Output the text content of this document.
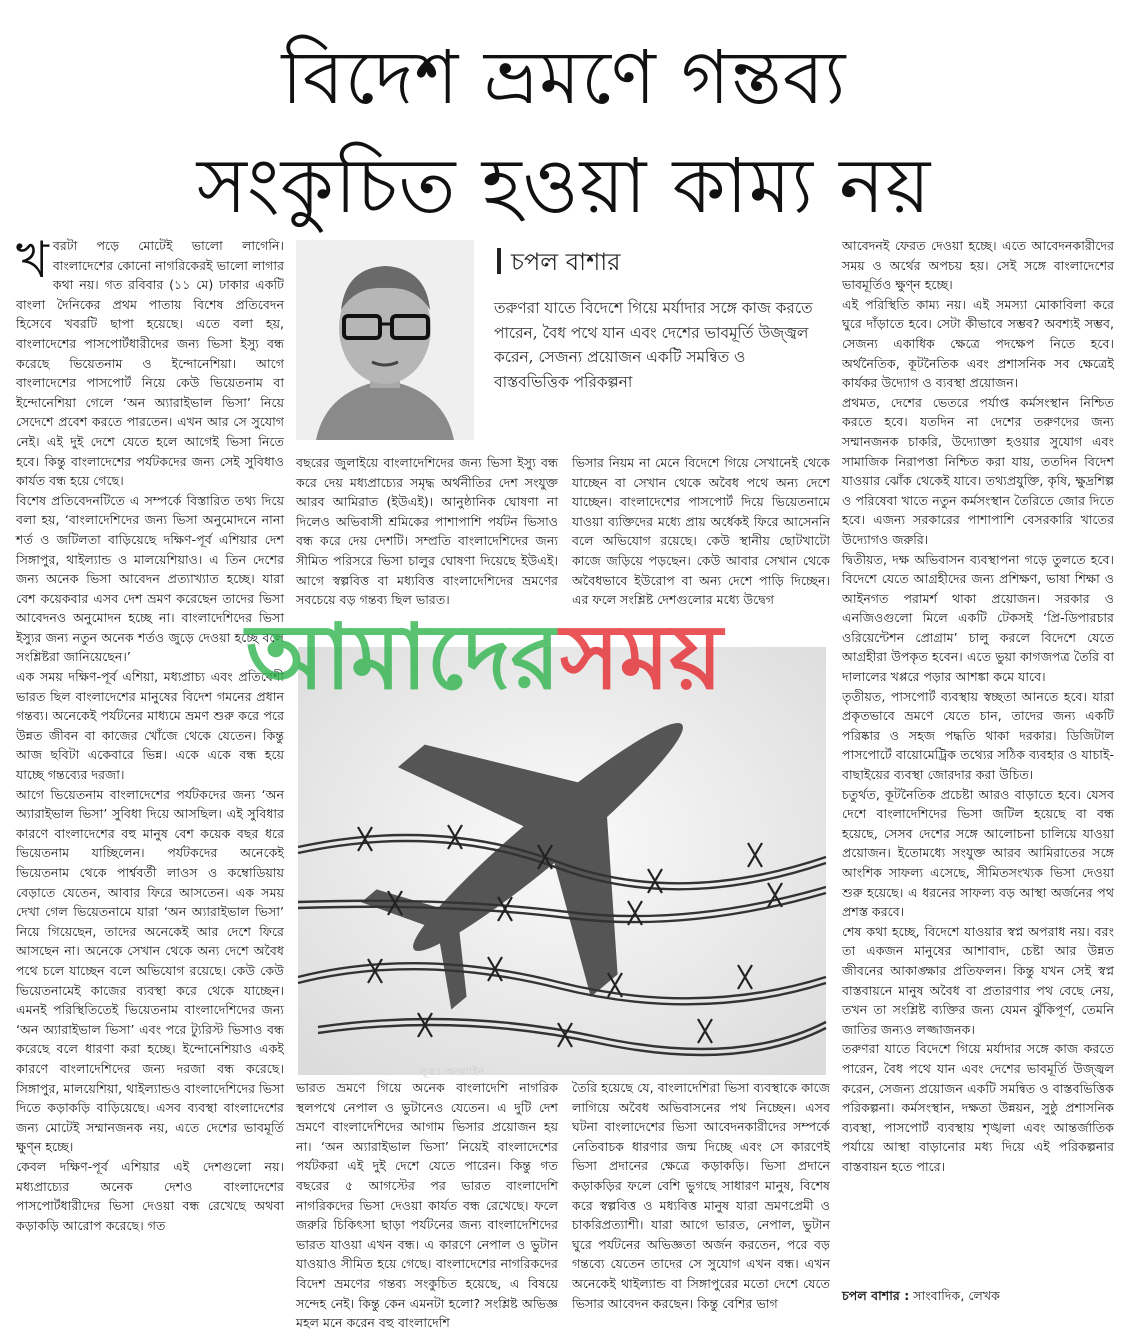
বিদেশ ভ্রমণে গন্তব্য
সংকুচিত হওয়া কাম্য নয়

খবরটা পড়ে মোটেই ভালো লাগেনি। বাংলাদেশের কোনো নাগরিকেরই ভালো লাগার কথা নয়। গত রবিবার (১১ মে) ঢাকার একটি বাংলা দৈনিকের প্রথম পাতায় বিশেষ প্রতিবেদন হিসেবে খবরটি ছাপা হয়েছে। এতে বলা হয়, বাংলাদেশের পাসপোর্টধারীদের জন্য ভিসা ইস্যু বন্ধ করেছে ভিয়েতনাম ও ইন্দোনেশিয়া। আগে বাংলাদেশের পাসপোর্ট নিয়ে কেউ ভিয়েতনাম বা ইন্দোনেশিয়া গেলে ‘অন অ্যারাইভাল ভিসা’ নিয়ে সেদেশে প্রবেশ করতে পারতেন। এখন আর সে সুযোগ নেই। এই দুই দেশে যেতে হলে আগেই ভিসা নিতে হবে। কিন্তু বাংলাদেশের পর্যটকদের জন্য সেই সুবিধাও কার্যত বন্ধ হয়ে গেছে।

বিশেষ প্রতিবেদনটিতে এ সম্পর্কে বিস্তারিত তথ্য দিয়ে বলা হয়, ‘বাংলাদেশিদের জন্য ভিসা অনুমোদনে নানা শর্ত ও জটিলতা বাড়িয়েছে দক্ষিণ-পূর্ব এশিয়ার দেশ সিঙ্গাপুর, থাইল্যান্ড ও মালয়েশিয়াও। এ তিন দেশের জন্য অনেক ভিসা আবেদন প্রত্যাখ্যাত হচ্ছে। যারা বেশ কয়েকবার এসব দেশ ভ্রমণ করেছেন তাদের ভিসা আবেদনও অনুমোদন হচ্ছে না। বাংলাদেশিদের ভিসা ইস্যুর জন্য নতুন অনেক শর্তও জুড়ে দেওয়া হচ্ছে বলে সংশ্লিষ্টরা জানিয়েছেন।’

এক সময় দক্ষিণ-পূর্ব এশিয়া, মধ্যপ্রাচ্য এবং প্রতিবেশী ভারত ছিল বাংলাদেশের মানুষের বিদেশ গমনের প্রধান গন্তব্য। অনেকেই পর্যটনের মাধ্যমে ভ্রমণ শুরু করে পরে উন্নত জীবন বা কাজের খোঁজে থেকে যেতেন। কিন্তু আজ ছবিটা একেবারে ভিন্ন। একে একে বন্ধ হয়ে যাচ্ছে গন্তব্যের দরজা।

আগে ভিয়েতনাম বাংলাদেশের পর্যটকদের জন্য ‘অন অ্যারাইভাল ভিসা’ সুবিধা দিয়ে আসছিল। এই সুবিধার কারণে বাংলাদেশের বহু মানুষ বেশ কয়েক বছর ধরে ভিয়েতনাম যাচ্ছিলেন। পর্যটকদের অনেকেই ভিয়েতনাম থেকে পার্শ্ববর্তী লাওস ও কম্বোডিয়ায় বেড়াতে যেতেন, আবার ফিরে আসতেন। এক সময় দেখা গেল ভিয়েতনামে যারা ‘অন অ্যারাইভাল ভিসা’ নিয়ে গিয়েছেন, তাদের অনেকেই আর দেশে ফিরে আসছেন না। অনেকে সেখান থেকে অন্য দেশে অবৈধ পথে চলে যাচ্ছেন বলে অভিযোগ রয়েছে। কেউ কেউ ভিয়েতনামেই কাজের ব্যবস্থা করে থেকে যাচ্ছেন। এমনই পরিস্থিতিতেই ভিয়েতনাম বাংলাদেশিদের জন্য ‘অন অ্যারাইভাল ভিসা’ এবং পরে ট্যুরিস্ট ভিসাও বন্ধ করেছে বলে ধারণা করা হচ্ছে। ইন্দোনেশিয়াও একই কারণে বাংলাদেশিদের জন্য দরজা বন্ধ করেছে। সিঙ্গাপুর, মালয়েশিয়া, থাইল্যান্ডও বাংলাদেশিদের ভিসা দিতে কড়াকড়ি বাড়িয়েছে। এসব ব্যবস্থা বাংলাদেশের জন্য মোটেই সম্মানজনক নয়, এতে দেশের ভাবমূর্তি ক্ষুণ্ন হচ্ছে।

কেবল দক্ষিণ-পূর্ব এশিয়ার এই দেশগুলো নয়। মধ্যপ্রাচ্যের অনেক দেশও বাংলাদেশের পাসপোর্টধারীদের ভিসা দেওয়া বন্ধ রেখেছে অথবা কড়াকড়ি আরোপ করেছে। গত

চপল বাশার
তরুণরা যাতে বিদেশে গিয়ে মর্যাদার সঙ্গে কাজ করতে পারেন, বৈধ পথে যান এবং দেশের ভাবমূর্তি উজ্জ্বল করেন, সেজন্য প্রয়োজন একটি সমন্বিত ও বাস্তবভিত্তিক পরিকল্পনা
বছরের জুলাইয়ে বাংলাদেশিদের জন্য ভিসা ইস্যু বন্ধ করে দেয় মধ্যপ্রাচ্যের সমৃদ্ধ অর্থনীতির দেশ সংযুক্ত আরব আমিরাত (ইউএই)। আনুষ্ঠানিক ঘোষণা না দিলেও অভিবাসী শ্রমিকের পাশাপাশি পর্যটন ভিসাও বন্ধ করে দেয় দেশটি। সম্প্রতি বাংলাদেশিদের জন্য সীমিত পরিসরে ভিসা চালুর ঘোষণা দিয়েছে ইউএই। আগে স্বল্পবিত্ত বা মধ্যবিত্ত বাংলাদেশিদের ভ্রমণের সবচেয়ে বড় গন্তব্য ছিল ভারত।
ভিসার নিয়ম না মেনে বিদেশে গিয়ে সেখানেই থেকে যাচ্ছেন বা সেখান থেকে অবৈধ পথে অন্য দেশে যাচ্ছেন। বাংলাদেশের পাসপোর্ট দিয়ে ভিয়েতনামে যাওয়া ব্যক্তিদের মধ্যে প্রায় অর্ধেকই ফিরে আসেননি বলে অভিযোগ রয়েছে। কেউ স্থানীয় ছোটখাটো কাজে জড়িয়ে পড়ছেন। কেউ আবার সেখান থেকে অবৈধভাবে ইউরোপ বা অন্য দেশে পাড়ি দিচ্ছেন। এর ফলে সংশ্লিষ্ট দেশগুলোর মধ্যে উদ্বেগ
আমাদেরসময়
সূত্রঃ অনলাইন
ভারত ভ্রমণে গিয়ে অনেক বাংলাদেশি নাগরিক স্থলপথে নেপাল ও ভুটানেও যেতেন। এ দুটি দেশ ভ্রমণে বাংলাদেশিদের আগাম ভিসার প্রয়োজন হয় না। ‘অন অ্যারাইভাল ভিসা’ নিয়েই বাংলাদেশের পর্যটকরা এই দুই দেশে যেতে পারেন। কিন্তু গত বছরের ৫ আগস্টের পর ভারত বাংলাদেশি নাগরিকদের ভিসা দেওয়া কার্যত বন্ধ রেখেছে। ফলে জরুরি চিকিৎসা ছাড়া পর্যটনের জন্য বাংলাদেশিদের ভারত যাওয়া এখন বন্ধ। এ কারণে নেপাল ও ভুটান যাওয়াও সীমিত হয়ে গেছে। বাংলাদেশের নাগরিকদের বিদেশ ভ্রমণের গন্তব্য সংকুচিত হয়েছে, এ বিষয়ে সন্দেহ নেই। কিন্তু কেন এমনটা হলো? সংশ্লিষ্ট অভিজ্ঞ মহল মনে করেন বহু বাংলাদেশি
তৈরি হয়েছে যে, বাংলাদেশিরা ভিসা ব্যবস্থাকে কাজে লাগিয়ে অবৈধ অভিবাসনের পথ নিচ্ছেন। এসব ঘটনা বাংলাদেশের ভিসা আবেদনকারীদের সম্পর্কে নেতিবাচক ধারণার জন্ম দিচ্ছে এবং সে কারণেই ভিসা প্রদানের ক্ষেত্রে কড়াকড়ি। ভিসা প্রদানে কড়াকড়ির ফলে বেশি ভুগছে সাধারণ মানুষ, বিশেষ করে স্বল্পবিত্ত ও মধ্যবিত্ত মানুষ যারা ভ্রমণপ্রেমী ও চাকরিপ্রত্যাশী। যারা আগে ভারত, নেপাল, ভুটান ঘুরে পর্যটনের অভিজ্ঞতা অর্জন করতেন, পরে বড় গন্তব্যে যেতেন তাদের সে সুযোগ এখন বন্ধ। এখন অনেকেই থাইল্যান্ড বা সিঙ্গাপুরের মতো দেশে যেতে ভিসার আবেদন করছেন। কিন্তু বেশির ভাগ

আবেদনই ফেরত দেওয়া হচ্ছে। এতে আবেদনকারীদের সময় ও অর্থের অপচয় হয়। সেই সঙ্গে বাংলাদেশের ভাবমূর্তিও ক্ষুণ্ন হচ্ছে।

এই পরিস্থিতি কাম্য নয়। এই সমস্যা মোকাবিলা করে ঘুরে দাঁড়াতে হবে। সেটা কীভাবে সম্ভব? অবশ্যই সম্ভব, সেজন্য একাধিক ক্ষেত্রে পদক্ষেপ নিতে হবে। অর্থনৈতিক, কূটনৈতিক এবং প্রশাসনিক সব ক্ষেত্রেই কার্যকর উদ্যোগ ও ব্যবস্থা প্রয়োজন।

প্রথমত, দেশের ভেতরে পর্যাপ্ত কর্মসংস্থান নিশ্চিত করতে হবে। যতদিন না দেশের তরুণদের জন্য সম্মানজনক চাকরি, উদ্যোক্তা হওয়ার সুযোগ এবং সামাজিক নিরাপত্তা নিশ্চিত করা যায়, ততদিন বিদেশ যাওয়ার ঝোঁক থেকেই যাবে। তথ্যপ্রযুক্তি, কৃষি, ক্ষুদ্রশিল্প ও পরিষেবা খাতে নতুন কর্মসংস্থান তৈরিতে জোর দিতে হবে। এজন্য সরকারের পাশাপাশি বেসরকারি খাতের উদ্যোগও জরুরি।

দ্বিতীয়ত, দক্ষ অভিবাসন ব্যবস্থাপনা গড়ে তুলতে হবে। বিদেশে যেতে আগ্রহীদের জন্য প্রশিক্ষণ, ভাষা শিক্ষা ও আইনগত পরামর্শ থাকা প্রয়োজন। সরকার ও এনজিওগুলো মিলে একটি টেকসই ‘প্রি-ডিপারচার ওরিয়েন্টেশন প্রোগ্রাম’ চালু করলে বিদেশে যেতে আগ্রহীরা উপকৃত হবেন। এতে ভুয়া কাগজপত্র তৈরি বা দালালের খপ্পরে পড়ার আশঙ্কা কমে যাবে।

তৃতীয়ত, পাসপোর্ট ব্যবস্থায় স্বচ্ছতা আনতে হবে। যারা প্রকৃতভাবে ভ্রমণে যেতে চান, তাদের জন্য একটি পরিষ্কার ও সহজ পদ্ধতি থাকা দরকার। ডিজিটাল পাসপোর্টে বায়োমেট্রিক তথ্যের সঠিক ব্যবহার ও যাচাই-বাছাইয়ের ব্যবস্থা জোরদার করা উচিত।

চতুর্থত, কূটনৈতিক প্রচেষ্টা আরও বাড়াতে হবে। যেসব দেশে বাংলাদেশিদের ভিসা জটিল হয়েছে বা বন্ধ হয়েছে, সেসব দেশের সঙ্গে আলোচনা চালিয়ে যাওয়া প্রয়োজন। ইতোমধ্যে সংযুক্ত আরব আমিরাতের সঙ্গে আংশিক সাফল্য এসেছে, সীমিতসংখ্যক ভিসা দেওয়া শুরু হয়েছে। এ ধরনের সাফল্য বড় আস্থা অর্জনের পথ প্রশস্ত করবে।

শেষ কথা হচ্ছে, বিদেশে যাওয়ার স্বপ্ন অপরাধ নয়। বরং তা একজন মানুষের আশাবাদ, চেষ্টা আর উন্নত জীবনের আকাঙ্ক্ষার প্রতিফলন। কিন্তু যখন সেই স্বপ্ন বাস্তবায়নে মানুষ অবৈধ বা প্রতারণার পথ বেছে নেয়, তখন তা সংশ্লিষ্ট ব্যক্তির জন্য যেমন ঝুঁকিপূর্ণ, তেমনি জাতির জন্যও লজ্জাজনক।

তরুণরা যাতে বিদেশে গিয়ে মর্যাদার সঙ্গে কাজ করতে পারেন, বৈধ পথে যান এবং দেশের ভাবমূর্তি উজ্জ্বল করেন, সেজন্য প্রয়োজন একটি সমন্বিত ও বাস্তবভিত্তিক পরিকল্পনা। কর্মসংস্থান, দক্ষতা উন্নয়ন, সুষ্ঠু প্রশাসনিক ব্যবস্থা, পাসপোর্ট ব্যবস্থায় শৃঙ্খলা এবং আন্তর্জাতিক পর্যায়ে আস্থা বাড়ানোর মধ্য দিয়ে এই পরিকল্পনার বাস্তবায়ন হতে পারে।

চপল বাশার : সাংবাদিক, লেখক
